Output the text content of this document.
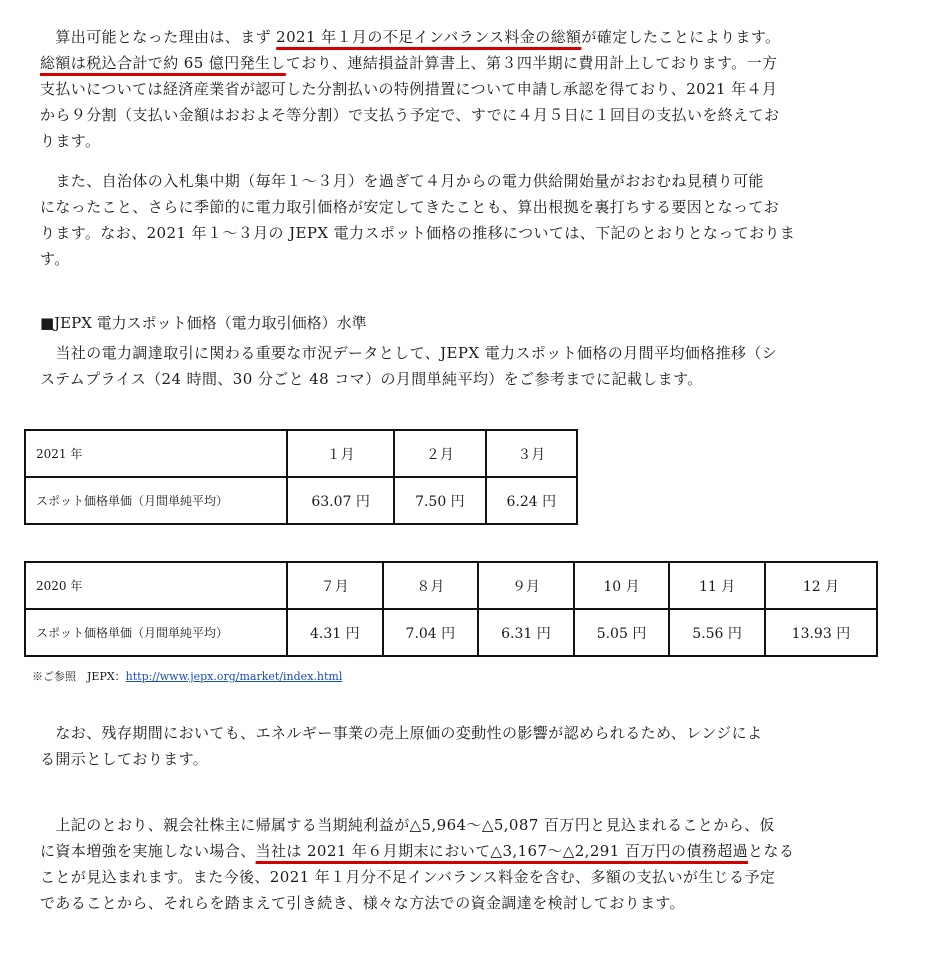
　算出可能となった理由は、まず 2021 年１月の不足インバランス料金の総額が確定したことによります。
総額は税込合計で約 65 億円発生しており、連結損益計算書上、第３四半期に費用計上しております。一方
支払いについては経済産業省が認可した分割払いの特例措置について申請し承認を得ており、2021 年４月
から９分割（支払い金額はおおよそ等分割）で支払う予定で、すでに４月５日に１回目の支払いを終えてお
ります。

　また、自治体の入札集中期（毎年１～３月）を過ぎて４月からの電力供給開始量がおおむね見積り可能
になったこと、さらに季節的に電力取引価格が安定してきたことも、算出根拠を裏打ちする要因となってお
ります。なお、2021 年１～３月の JEPX 電力スポット価格の推移については、下記のとおりとなっておりま
す。

■JEPX 電力スポット価格（電力取引価格）水準

　当社の電力調達取引に関わる重要な市況データとして、JEPX 電力スポット価格の月間平均価格推移（シ
ステムプライス（24 時間、30 分ごと 48 コマ）の月間単純平均）をご参考までに記載します。

2021 年	１月	２月	３月
スポット価格単価（月間単純平均）	63.07 円	7.50 円	6.24 円
2020 年	７月	８月	９月	10 月	11 月	12 月
スポット価格単価（月間単純平均）	4.31 円	7.04 円	6.31 円	5.05 円	5.56 円	13.93 円
※ご参照　JEPX：http://www.jepx.org/market/index.html

　なお、残存期間においても、エネルギー事業の売上原価の変動性の影響が認められるため、レンジによ
る開示としております。

　上記のとおり、親会社株主に帰属する当期純利益が△5,964～△5,087 百万円と見込まれることから、仮
に資本増強を実施しない場合、当社は 2021 年６月期末において△3,167～△2,291 百万円の債務超過となる
ことが見込まれます。また今後、2021 年１月分不足インバランス料金を含む、多額の支払いが生じる予定
であることから、それらを踏まえて引き続き、様々な方法での資金調達を検討しております。
